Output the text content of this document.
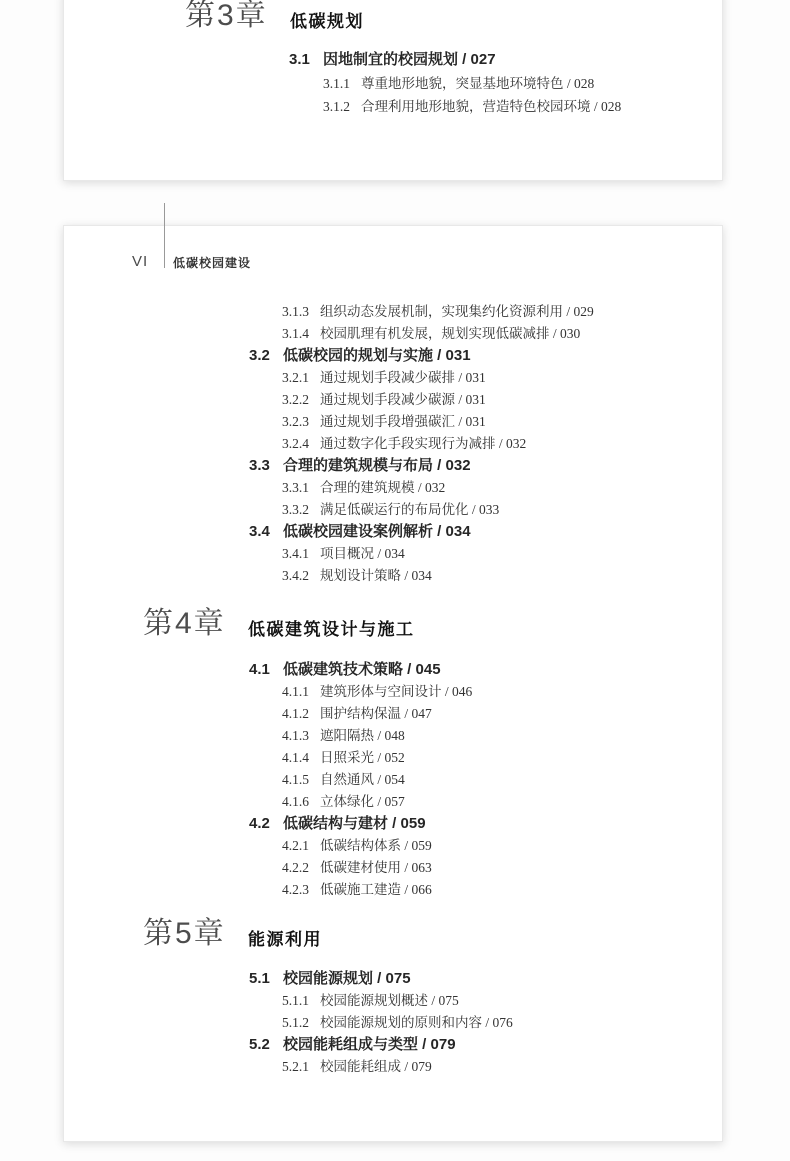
第3章 低碳规划
3.1 因地制宜的校园规划 / 027
3.1.1 尊重地形地貌，突显基地环境特色 / 028
3.1.2 合理利用地形地貌，营造特色校园环境 / 028
VI 低碳校园建设
3.1.3 组织动态发展机制，实现集约化资源利用 / 029
3.1.4 校园肌理有机发展，规划实现低碳减排 / 030
3.2 低碳校园的规划与实施 / 031
3.2.1 通过规划手段减少碳排 / 031
3.2.2 通过规划手段减少碳源 / 031
3.2.3 通过规划手段增强碳汇 / 031
3.2.4 通过数字化手段实现行为减排 / 032
3.3 合理的建筑规模与布局 / 032
3.3.1 合理的建筑规模 / 032
3.3.2 满足低碳运行的布局优化 / 033
3.4 低碳校园建设案例解析 / 034
3.4.1 项目概况 / 034
3.4.2 规划设计策略 / 034
第4章 低碳建筑设计与施工
4.1 低碳建筑技术策略 / 045
4.1.1 建筑形体与空间设计 / 046
4.1.2 围护结构保温 / 047
4.1.3 遮阳隔热 / 048
4.1.4 日照采光 / 052
4.1.5 自然通风 / 054
4.1.6 立体绿化 / 057
4.2 低碳结构与建材 / 059
4.2.1 低碳结构体系 / 059
4.2.2 低碳建材使用 / 063
4.2.3 低碳施工建造 / 066
第5章 能源利用
5.1 校园能源规划 / 075
5.1.1 校园能源规划概述 / 075
5.1.2 校园能源规划的原则和内容 / 076
5.2 校园能耗组成与类型 / 079
5.2.1 校园能耗组成 / 079
